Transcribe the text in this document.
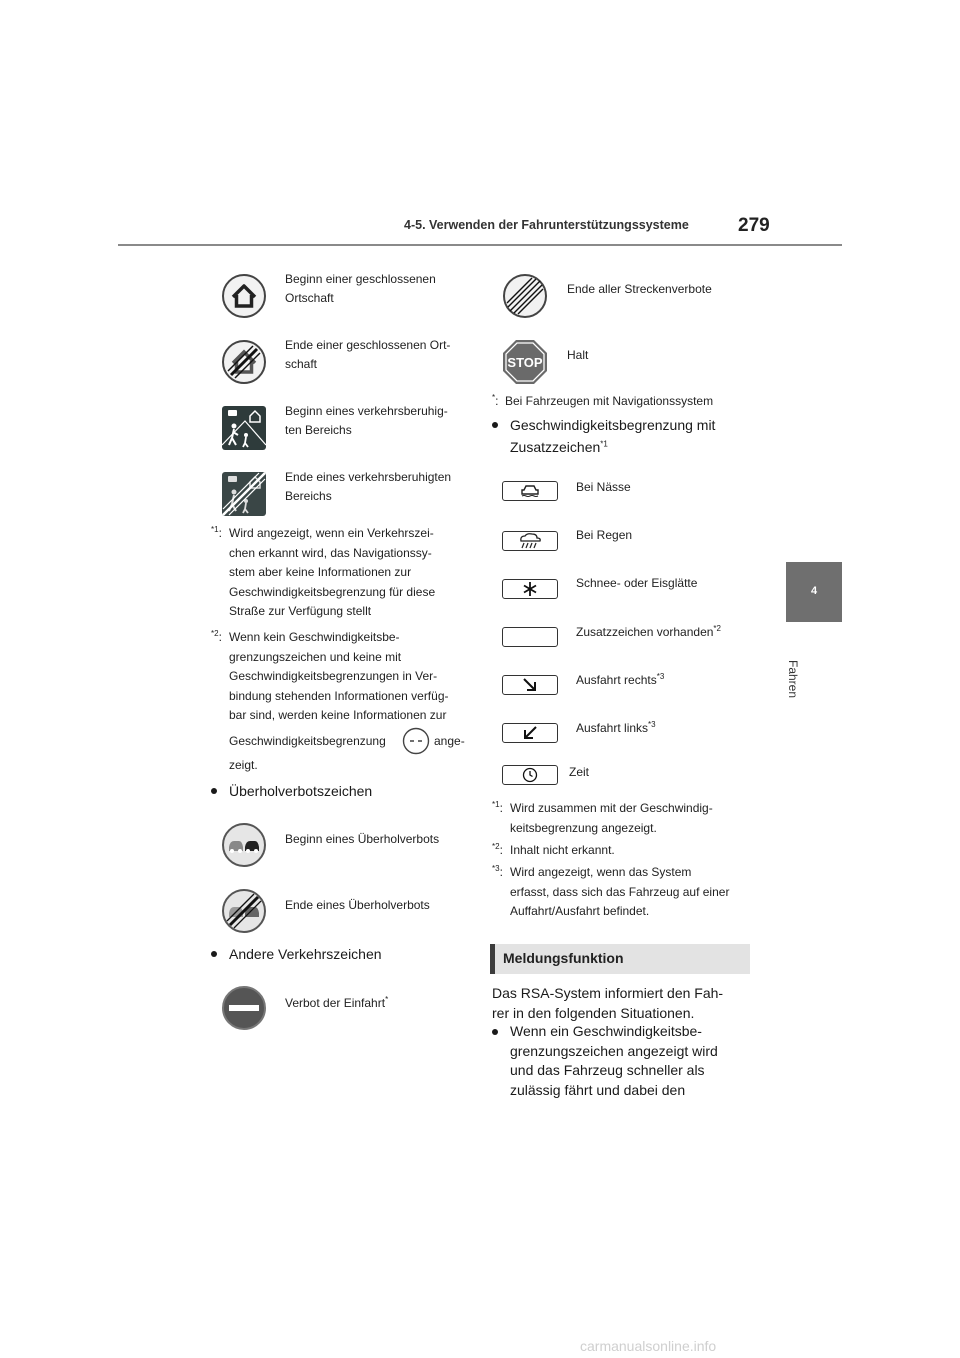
4-5. Verwenden der Fahrunterstützungssysteme	279
4
Fahren
Beginn einer geschlossenen
Ortschaft
Ende einer geschlossenen Ort-
schaft
Beginn eines verkehrsberuhig-
ten Bereichs
Ende eines verkehrsberuhigten
Bereichs
$^{*1}$: Wird angezeigt, wenn ein Verkehrszei-
chen erkannt wird, das Navigationssy-
stem aber keine Informationen zur
Geschwindigkeitsbegrenzung für diese
Straße zur Verfügung stellt
$^{*2}$: Wenn kein Geschwindigkeitsbe-
grenzungszeichen und keine mit
Geschwindigkeitsbegrenzungen in Ver-
bindung stehenden Informationen verfüg-
bar sind, werden keine Informationen zur
Geschwindigkeitsbegrenzung	ange-
zeigt.
Überholverbotszeichen
Beginn eines Überholverbots
Ende eines Überholverbots
Andere Verkehrszeichen
Verbot der Einfahrt*
Ende aller Streckenverbote
STOP Halt
*: Bei Fahrzeugen mit Navigationssystem
Geschwindigkeitsbegrenzung mit
Zusatzzeichen$^{*1}$
Bei Nässe
Bei Regen
Schnee- oder Eisglätte
Zusatzzeichen vorhanden$^{*2}$
Ausfahrt rechts$^{*3}$
Ausfahrt links$^{*3}$
Zeit
$^{*1}$: Wird zusammen mit der Geschwindig-
keitsbegrenzung angezeigt.
$^{*2}$: Inhalt nicht erkannt.
$^{*3}$: Wird angezeigt, wenn das System
erfasst, dass sich das Fahrzeug auf einer
Auffahrt/Ausfahrt befindet.
Meldungsfunktion
Das RSA-System informiert den Fah-
rer in den folgenden Situationen.
Wenn ein Geschwindigkeitsbe-
grenzungszeichen angezeigt wird
und das Fahrzeug schneller als
zulässig fährt und dabei den
carmanualsonline.info
